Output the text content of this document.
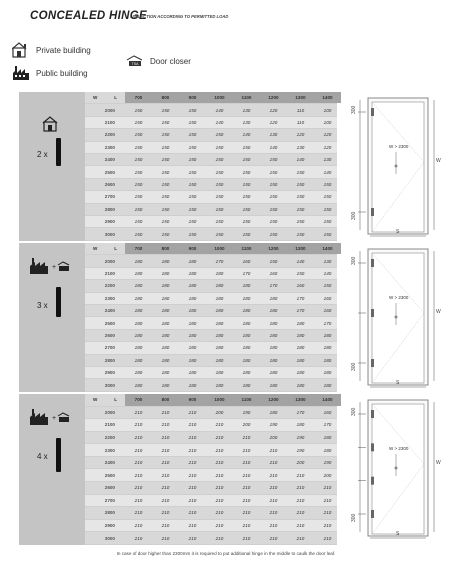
CONCEALED HINGE
/ SELECTION ACCORDING TO PERMITTED LOAD
Private building
Public building
TSA Door closer
2 x
W	L	700	800	900	1000	1100	1200	1300	1400
2000	150	150	150	140	130	120	110	100
2100	150	150	150	140	130	120	110	100
2200	150	150	150	150	140	130	120	120
2300	150	150	150	150	150	140	130	120
2400	150	150	150	150	150	150	140	130
2500	150	150	150	150	150	150	150	140
2600	150	150	150	150	150	150	150	150
2700	150	150	150	150	150	150	150	150
2800	150	150	150	150	150	150	150	150
2900	150	150	150	150	150	150	150	150
3000	150	150	150	150	150	150	150	150
300
300
W > 2300
W
S
+
3 x
W	L	700	800	900	1000	1100	1200	1300	1400
2000	180	180	180	170	160	150	140	130
2100	180	180	180	180	170	160	150	140
2200	180	180	180	180	180	170	160	150
2300	180	180	180	180	180	180	170	160
2400	180	180	180	180	180	180	170	160
2500	180	180	180	180	180	180	180	170
2600	180	180	180	180	180	180	180	180
2700	180	180	180	180	180	180	180	180
2800	180	180	180	180	180	180	180	180
2900	180	180	180	180	180	180	180	180
3000	180	180	180	180	180	180	180	180
300
300
W > 2300
W
S
+
4 x
W	L	700	800	900	1000	1100	1200	1300	1400
2000	210	210	210	200	190	180	170	160
2100	210	210	210	210	200	190	180	170
2200	210	210	210	210	210	200	190	180
2300	210	210	210	210	210	210	190	180
2400	210	210	210	210	210	210	200	190
2500	210	210	210	210	210	210	210	200
2600	210	210	210	210	210	210	210	210
2700	210	210	210	210	210	210	210	210
2800	210	210	210	210	210	210	210	210
2900	210	210	210	210	210	210	210	210
3000	210	210	210	210	210	210	210	210
300
300
W > 2300
W
S
In case of door higher than 2300mm it is required to put additional hinge in the middle to caulk the door leaf.
